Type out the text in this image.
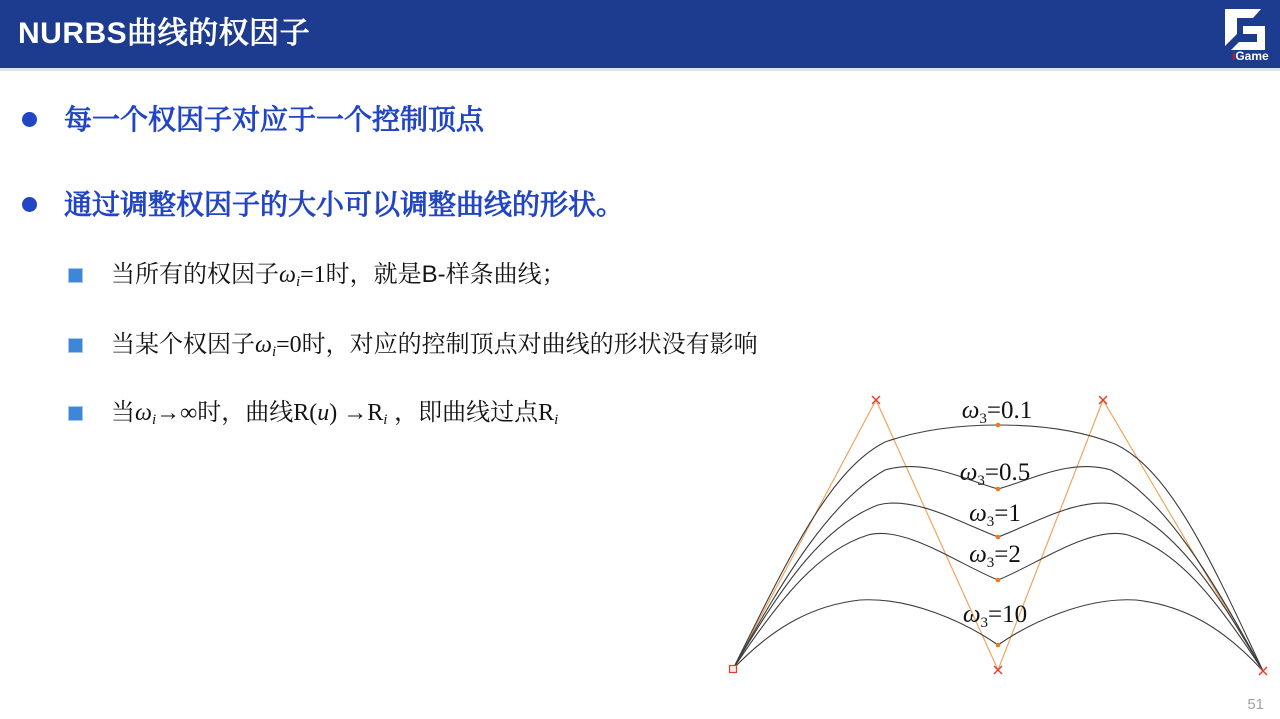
NURBS曲线的权因子
iGame
每一个权因子对应于一个控制顶点
通过调整权因子的大小可以调整曲线的形状。
当所有的权因子$\omega_i=1$时，就是B-样条曲线；
当某个权因子$\omega_i=0$时，对应的控制顶点对曲线的形状没有影响
当$\omega_i\to\infty$时，曲线$R(u) \to R_i$ ，即曲线过点$R_i$	$\omega_3=0.1$
$\omega_3=0.5$
$\omega_3=1$
$\omega_3=2$
$\omega_3=10$
51
